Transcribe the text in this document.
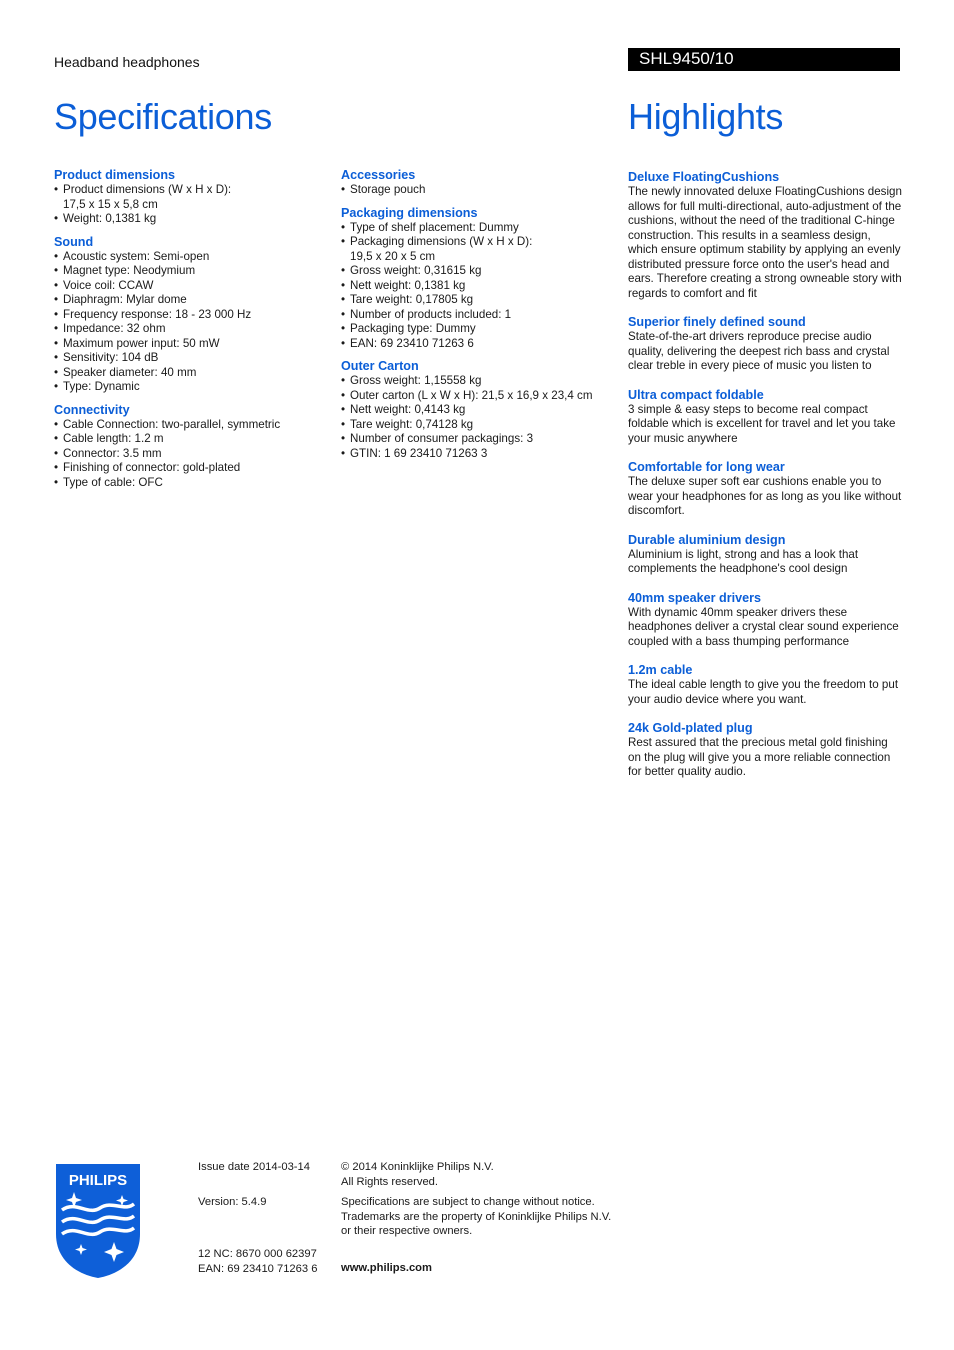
Headband headphones	SHL9450/10
Specifications	Highlights
Product dimensions
• Product dimensions (W x H x D):
17,5 x 15 x 5,8 cm
• Weight: 0,1381 kg
Sound
• Acoustic system: Semi-open
• Magnet type: Neodymium
• Voice coil: CCAW
• Diaphragm: Mylar dome
• Frequency response: 18 - 23 000 Hz
• Impedance: 32 ohm
• Maximum power input: 50 mW
• Sensitivity: 104 dB
• Speaker diameter: 40 mm
• Type: Dynamic
Connectivity
• Cable Connection: two-parallel, symmetric
• Cable length: 1.2 m
• Connector: 3.5 mm
• Finishing of connector: gold-plated
• Type of cable: OFC
Accessories
• Storage pouch
Packaging dimensions
• Type of shelf placement: Dummy
• Packaging dimensions (W x H x D):
19,5 x 20 x 5 cm
• Gross weight: 0,31615 kg
• Nett weight: 0,1381 kg
• Tare weight: 0,17805 kg
• Number of products included: 1
• Packaging type: Dummy
• EAN: 69 23410 71263 6
Outer Carton
• Gross weight: 1,15558 kg
• Outer carton (L x W x H): 21,5 x 16,9 x 23,4 cm
• Nett weight: 0,4143 kg
• Tare weight: 0,74128 kg
• Number of consumer packagings: 3
• GTIN: 1 69 23410 71263 3
Deluxe FloatingCushions

The newly innovated deluxe FloatingCushions design allows for full multi-directional, auto-adjustment of the cushions, without the need of the traditional C-hinge construction. This results in a seamless design, which ensure optimum stability by applying an evenly distributed pressure force onto the user's head and ears. Therefore creating a strong owneable story with regards to comfort and fit

Superior finely defined sound

State-of-the-art drivers reproduce precise audio quality, delivering the deepest rich bass and crystal clear treble in every piece of music you listen to

Ultra compact foldable

3 simple & easy steps to become real compact foldable which is excellent for travel and let you take your music anywhere

Comfortable for long wear

The deluxe super soft ear cushions enable you to wear your headphones for as long as you like without discomfort.

Durable aluminium design

Aluminium is light, strong and has a look that complements the headphone's cool design

40mm speaker drivers

With dynamic 40mm speaker drivers these headphones deliver a crystal clear sound experience coupled with a bass thumping performance

1.2m cable

The ideal cable length to give you the freedom to put your audio device where you want.

24k Gold-plated plug

Rest assured that the precious metal gold finishing on the plug will give you a more reliable connection for better quality audio.

PHILIPS
Issue date 2014-03-14
Version: 5.4.9
12 NC: 8670 000 62397
EAN: 69 23410 71263 6
© 2014 Koninklijke Philips N.V.
All Rights reserved.
Specifications are subject to change without notice.
Trademarks are the property of Koninklijke Philips N.V.
or their respective owners.
www.philips.com
